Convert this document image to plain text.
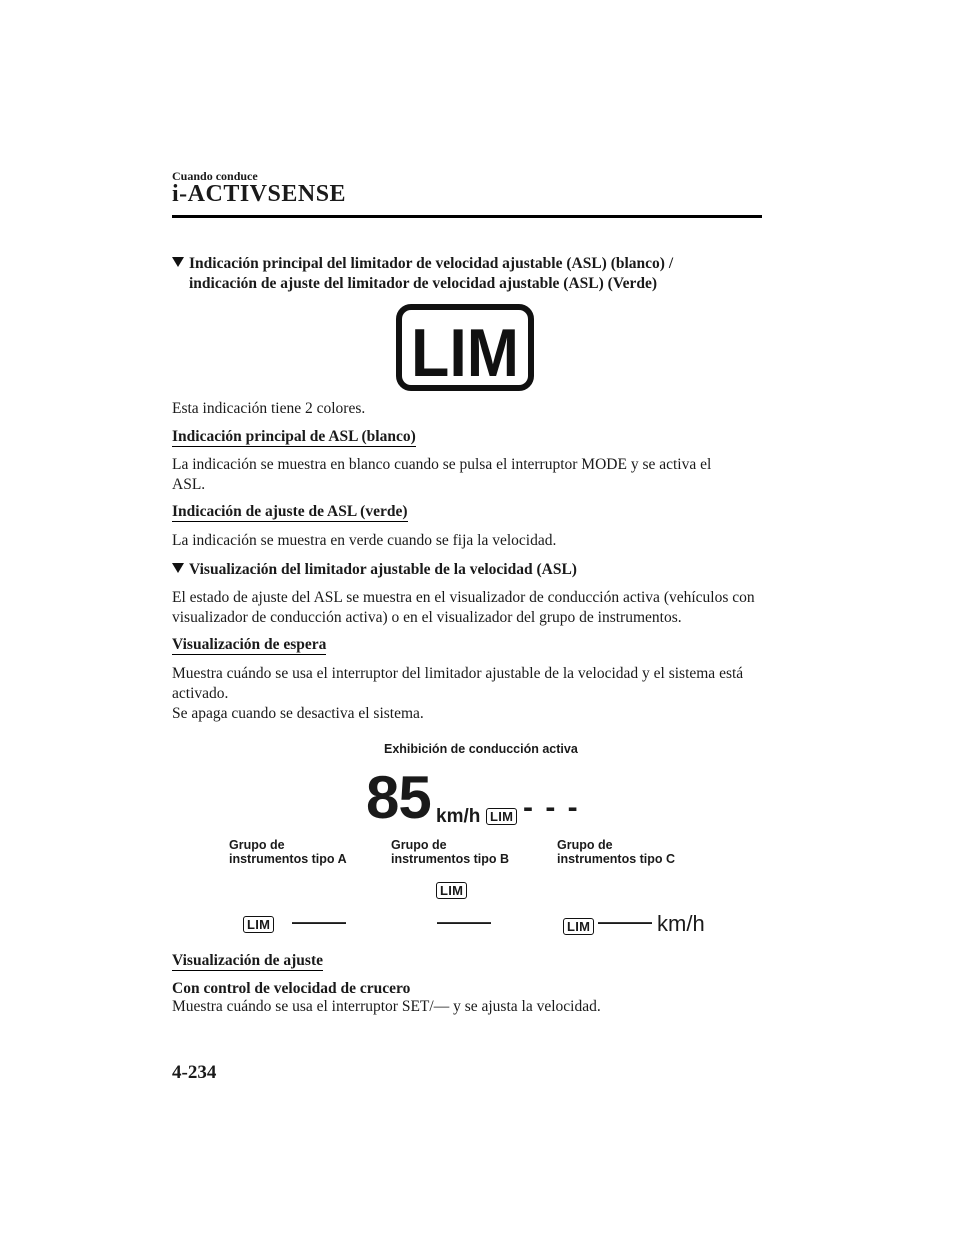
Cuando conduce
i-ACTIVSENSE
Indicación principal del limitador de velocidad ajustable (ASL) (blanco) /
indicación de ajuste del limitador de velocidad ajustable (ASL) (Verde)
LIM
Esta indicación tiene 2 colores.
Indicación principal de ASL (blanco)
La indicación se muestra en blanco cuando se pulsa el interruptor MODE y se activa el ASL.
Indicación de ajuste de ASL (verde)
La indicación se muestra en verde cuando se fija la velocidad.
Visualización del limitador ajustable de la velocidad (ASL)
El estado de ajuste del ASL se muestra en el visualizador de conducción activa (vehículos con visualizador de conducción activa) o en el visualizador del grupo de instrumentos.
Visualización de espera
Muestra cuándo se usa el interruptor del limitador ajustable de la velocidad y el sistema está activado.
Se apaga cuando se desactiva el sistema.
Exhibición de conducción activa
85 km/h LIM - - -
Grupo de
instrumentos tipo A
Grupo de
instrumentos tipo B
Grupo de
instrumentos tipo C
LIM ———
LIM
———	LIM ——— km/h
Visualización de ajuste
Con control de velocidad de crucero
Muestra cuándo se usa el interruptor SET/— y se ajusta la velocidad.
4-234
